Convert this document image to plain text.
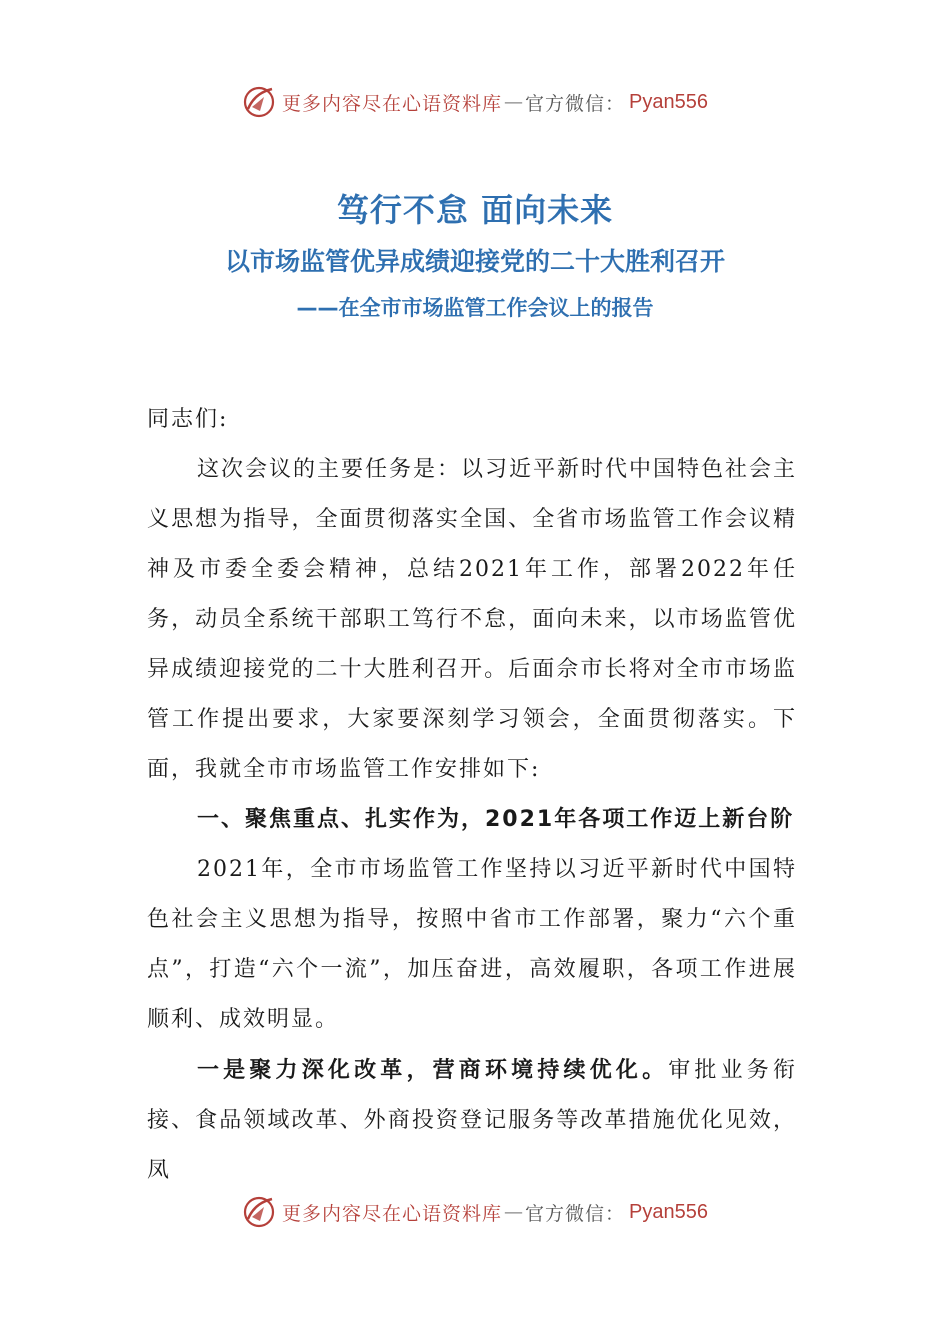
更多内容尽在心语资料库 — 官方微信： Pyan556
笃行不怠 面向未来
以市场监管优异成绩迎接党的二十大胜利召开
——在全市市场监管工作会议上的报告

同志们:

这次会议的主要任务是：以习近平新时代中国特色社会主义思想为指导，全面贯彻落实全国、全省市场监管工作会议精神及市委全委会精神，总结2021年工作，部署2022年任务，动员全系统干部职工笃行不怠，面向未来，以市场监管优异成绩迎接党的二十大胜利召开。后面佘市长将对全市市场监管工作提出要求，大家要深刻学习领会，全面贯彻落实。下面，我就全市市场监管工作安排如下:

一、聚焦重点、扎实作为，2021年各项工作迈上新台阶

2021年，全市市场监管工作坚持以习近平新时代中国特色社会主义思想为指导，按照中省市工作部署，聚力“六个重点”，打造“六个一流”，加压奋进，高效履职，各项工作进展顺利、成效明显。

一是聚力深化改革，营商环境持续优化。审批业务衔接、食品领域改革、外商投资登记服务等改革措施优化见效，凤

更多内容尽在心语资料库 — 官方微信： Pyan556
